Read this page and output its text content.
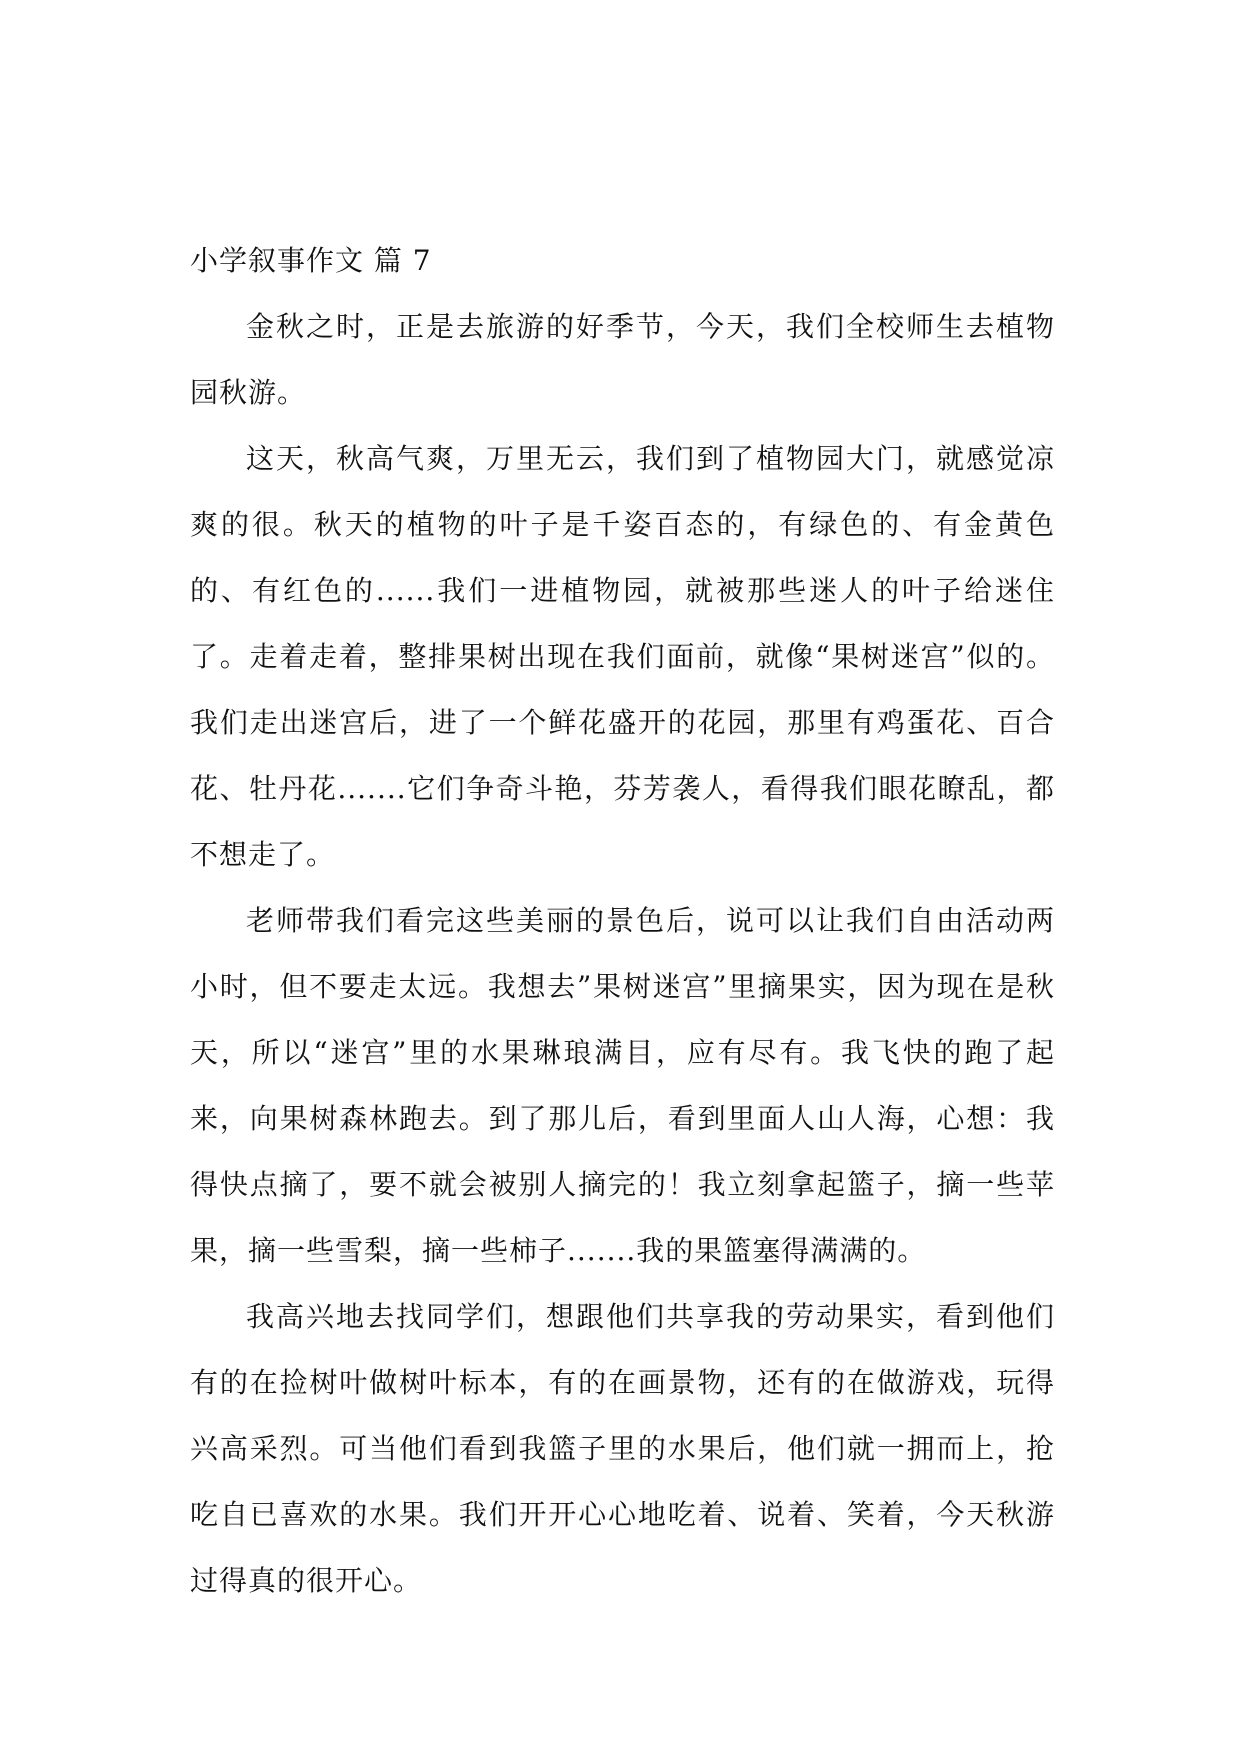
小学叙事作文 篇 7

金秋之时，正是去旅游的好季节，今天，我们全校师生去植物园秋游。

这天，秋高气爽，万里无云，我们到了植物园大门，就感觉凉爽的很。秋天的植物的叶子是千姿百态的，有绿色的、有金黄色的、有红色的......我们一进植物园，就被那些迷人的叶子给迷住了。走着走着，整排果树出现在我们面前，就像“果树迷宫”似的。我们走出迷宫后，进了一个鲜花盛开的花园，那里有鸡蛋花、百合花、牡丹花.......它们争奇斗艳，芬芳袭人，看得我们眼花瞭乱，都不想走了。

老师带我们看完这些美丽的景色后，说可以让我们自由活动两小时，但不要走太远。我想去”果树迷宫”里摘果实，因为现在是秋天，所以“迷宫”里的水果琳琅满目，应有尽有。我飞快的跑了起来，向果树森林跑去。到了那儿后，看到里面人山人海，心想：我得快点摘了，要不就会被别人摘完的！我立刻拿起篮子，摘一些苹果，摘一些雪梨，摘一些柿子.......我的果篮塞得满满的。

我高兴地去找同学们，想跟他们共享我的劳动果实，看到他们有的在捡树叶做树叶标本，有的在画景物，还有的在做游戏，玩得兴高采烈。可当他们看到我篮子里的水果后，他们就一拥而上，抢吃自已喜欢的水果。我们开开心心地吃着、说着、笑着，今天秋游过得真的很开心。
